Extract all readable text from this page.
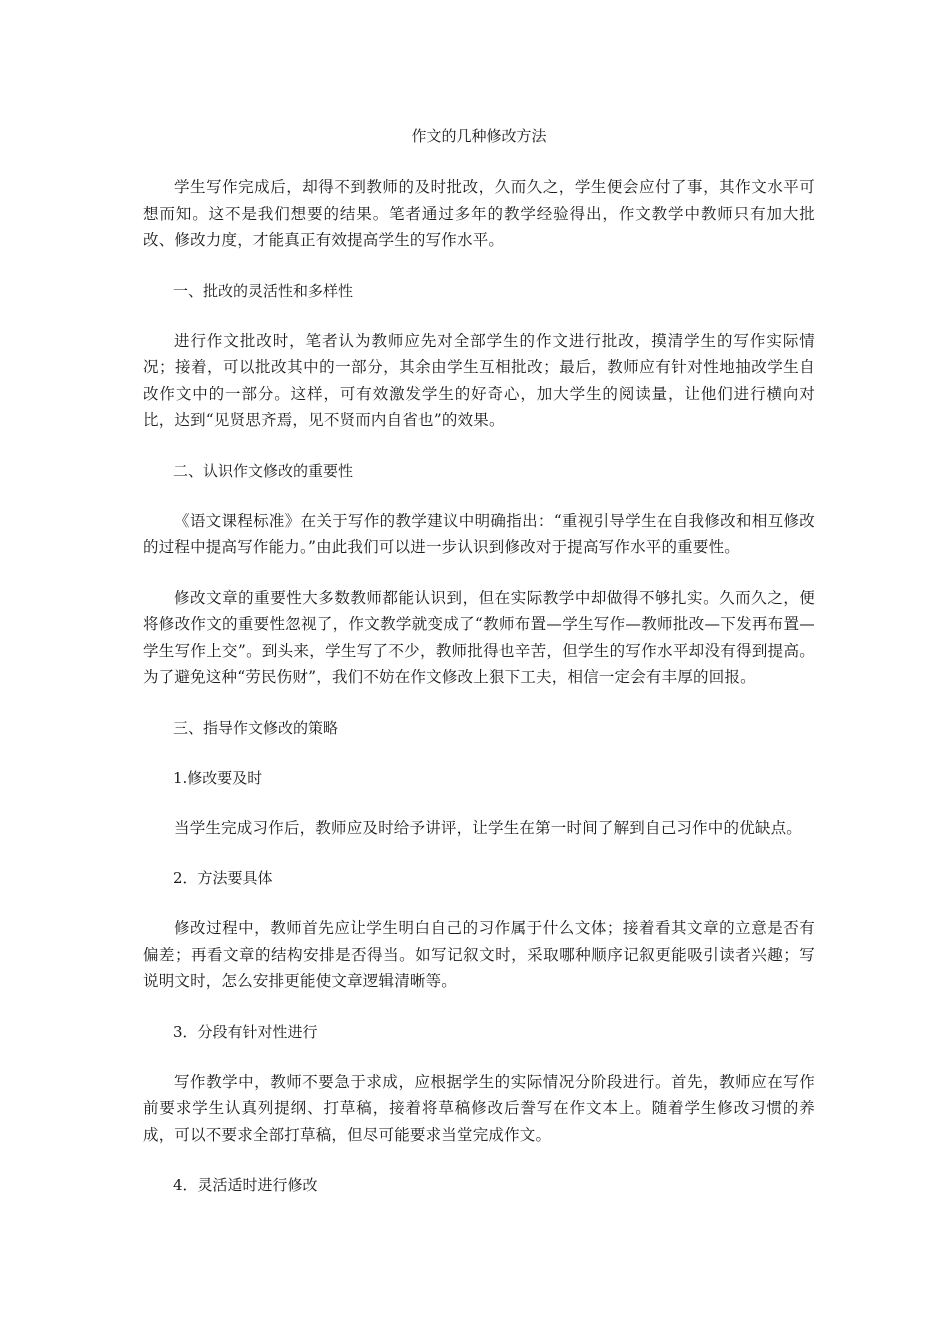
作文的几种修改方法

学生写作完成后，却得不到教师的及时批改，久而久之，学生便会应付了事，其作文水平可想而知。这不是我们想要的结果。笔者通过多年的教学经验得出，作文教学中教师只有加大批改、修改力度，才能真正有效提高学生的写作水平。

一、批改的灵活性和多样性

进行作文批改时，笔者认为教师应先对全部学生的作文进行批改，摸清学生的写作实际情况；接着，可以批改其中的一部分，其余由学生互相批改；最后，教师应有针对性地抽改学生自改作文中的一部分。这样，可有效激发学生的好奇心，加大学生的阅读量，让他们进行横向对比，达到“见贤思齐焉，见不贤而内自省也”的效果。

二、认识作文修改的重要性

《语文课程标准》在关于写作的教学建议中明确指出：“重视引导学生在自我修改和相互修改的过程中提高写作能力。”由此我们可以进一步认识到修改对于提高写作水平的重要性。

修改文章的重要性大多数教师都能认识到，但在实际教学中却做得不够扎实。久而久之，便将修改作文的重要性忽视了，作文教学就变成了“教师布置—学生写作—教师批改—下发再布置—学生写作上交”。到头来，学生写了不少，教师批得也辛苦，但学生的写作水平却没有得到提高。为了避免这种“劳民伤财”，我们不妨在作文修改上狠下工夫，相信一定会有丰厚的回报。

三、指导作文修改的策略

1.修改要及时

当学生完成习作后，教师应及时给予讲评，让学生在第一时间了解到自己习作中的优缺点。

2．方法要具体

修改过程中，教师首先应让学生明白自己的习作属于什么文体；接着看其文章的立意是否有偏差；再看文章的结构安排是否得当。如写记叙文时，采取哪种顺序记叙更能吸引读者兴趣；写说明文时，怎么安排更能使文章逻辑清晰等。

3．分段有针对性进行

写作教学中，教师不要急于求成，应根据学生的实际情况分阶段进行。首先，教师应在写作前要求学生认真列提纲、打草稿，接着将草稿修改后誊写在作文本上。随着学生修改习惯的养成，可以不要求全部打草稿，但尽可能要求当堂完成作文。

4．灵活适时进行修改
